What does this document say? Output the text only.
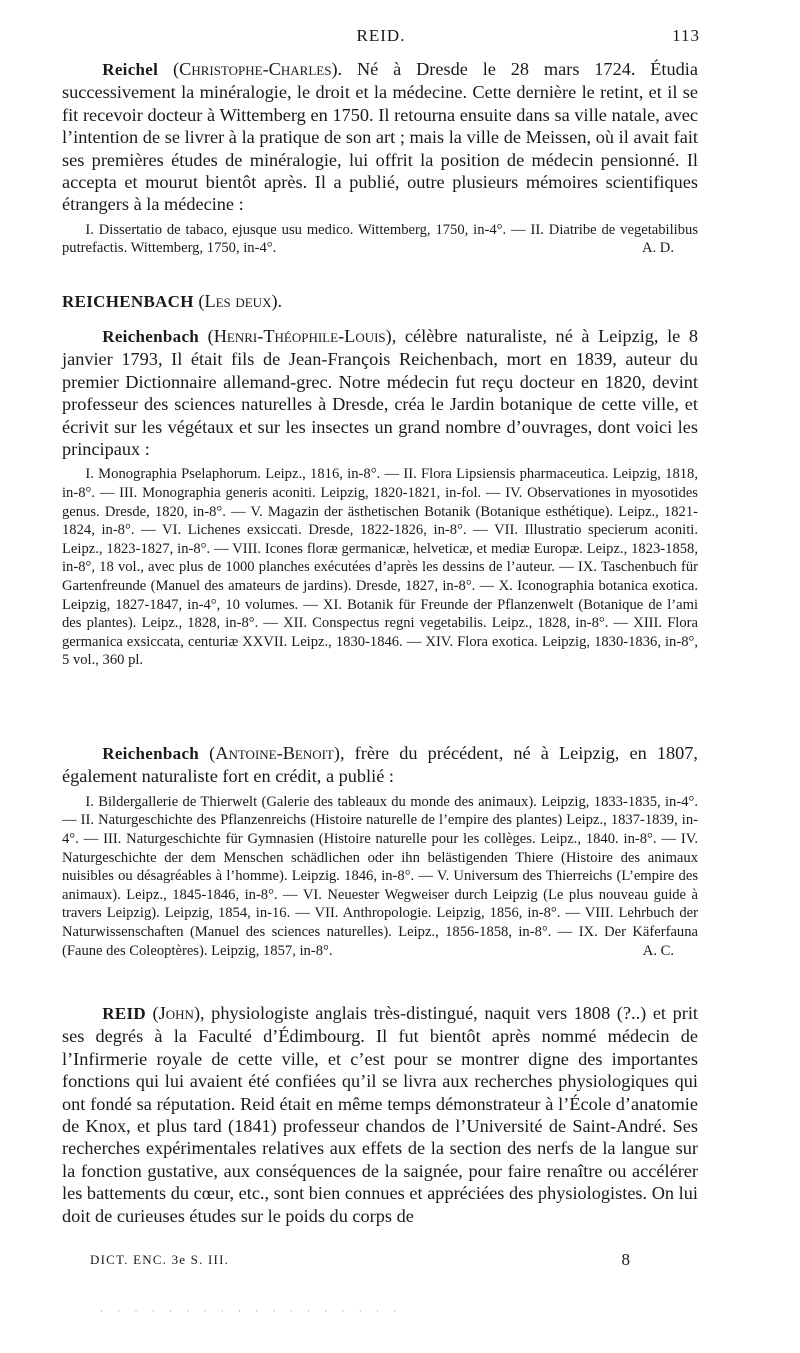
REID.	113

Reichel (Christophe-Charles). Né à Dresde le 28 mars 1724. Étudia successivement la minéralogie, le droit et la médecine. Cette dernière le retint, et il se fit recevoir docteur à Wittemberg en 1750. Il retourna ensuite dans sa ville natale, avec l’intention de se livrer à la pratique de son art ; mais la ville de Meissen, où il avait fait ses premières études de minéralogie, lui offrit la position de médecin pensionné. Il accepta et mourut bientôt après. Il a publié, outre plusieurs mémoires scientifiques étrangers à la médecine :

I. Dissertatio de tabaco, ejusque usu medico. Wittemberg, 1750, in-4°. — II. Diatribe de vegetabilibus putrefactis. Wittemberg, 1750, in-4°.	A. D.

REICHENBACH (Les deux).

Reichenbach (Henri-Théophile-Louis), célèbre naturaliste, né à Leipzig, le 8 janvier 1793, Il était fils de Jean-François Reichenbach, mort en 1839, auteur du premier Dictionnaire allemand-grec. Notre médecin fut reçu docteur en 1820, devint professeur des sciences naturelles à Dresde, créa le Jardin botanique de cette ville, et écrivit sur les végétaux et sur les insectes un grand nombre d’ouvrages, dont voici les principaux :

I. Monographia Pselaphorum. Leipz., 1816, in-8°. — II. Flora Lipsiensis pharmaceutica. Leipzig, 1818, in-8°. — III. Monographia generis aconiti. Leipzig, 1820-1821, in-fol. — IV. Observationes in myosotides genus. Dresde, 1820, in-8°. — V. Magazin der ästhetischen Botanik (Botanique esthétique). Leipz., 1821-1824, in-8°. — VI. Lichenes exsiccati. Dresde, 1822-1826, in-8°. — VII. Illustratio specierum aconiti. Leipz., 1823-1827, in-8°. — VIII. Icones floræ germanicæ, helveticæ, et mediæ Europæ. Leipz., 1823-1858, in-8°, 18 vol., avec plus de 1000 planches exécutées d’après les dessins de l’auteur. — IX. Taschenbuch für Gartenfreunde (Manuel des amateurs de jardins). Dresde, 1827, in-8°. — X. Iconographia botanica exotica. Leipzig, 1827-1847, in-4°, 10 volumes. — XI. Botanik für Freunde der Pflanzenwelt (Botanique de l’ami des plantes). Leipz., 1828, in-8°. — XII. Conspectus regni vegetabilis. Leipz., 1828, in-8°. — XIII. Flora germanica exsiccata, centuriæ XXVII. Leipz., 1830-1846. — XIV. Flora exotica. Leipzig, 1830-1836, in-8°, 5 vol., 360 pl.

Reichenbach (Antoine-Benoit), frère du précédent, né à Leipzig, en 1807, également naturaliste fort en crédit, a publié :

I. Bildergallerie de Thierwelt (Galerie des tableaux du monde des animaux). Leipzig, 1833-1835, in-4°. — II. Naturgeschichte des Pflanzenreichs (Histoire naturelle de l’empire des plantes) Leipz., 1837-1839, in-4°. — III. Naturgeschichte für Gymnasien (Histoire naturelle pour les collèges. Leipz., 1840. in-8°. — IV. Naturgeschichte der dem Menschen schädlichen oder ihn belästigenden Thiere (Histoire des animaux nuisibles ou désagréables à l’homme). Leipzig. 1846, in-8°. — V. Universum des Thierreichs (L’empire des animaux). Leipz., 1845-1846, in-8°. — VI. Neuester Wegweiser durch Leipzig (Le plus nouveau guide à travers Leipzig). Leipzig, 1854, in-16. — VII. Anthropologie. Leipzig, 1856, in-8°. — VIII. Lehrbuch der Naturwissenschaften (Manuel des sciences naturelles). Leipz., 1856-1858, in-8°. — IX. Der Käferfauna (Faune des Coleoptères). Leipzig, 1857, in-8°.	A. C.

REID (John), physiologiste anglais très-distingué, naquit vers 1808 (?..) et prit ses degrés à la Faculté d’Édimbourg. Il fut bientôt après nommé médecin de l’Infirmerie royale de cette ville, et c’est pour se montrer digne des importantes fonctions qui lui avaient été confiées qu’il se livra aux recherches physiologiques qui ont fondé sa réputation. Reid était en même temps démonstrateur à l’École d’anatomie de Knox, et plus tard (1841) professeur chandos de l’Université de Saint-André. Ses recherches expérimentales relatives aux effets de la section des nerfs de la langue sur la fonction gustative, aux conséquences de la saignée, pour faire renaître ou accélérer les battements du cœur, etc., sont bien connues et appréciées des physiologistes. On lui doit de curieuses études sur le poids du corps de

DICT. ENC. 3e S. III.	8
· · · · · · · · · · · · · · · · · ·
